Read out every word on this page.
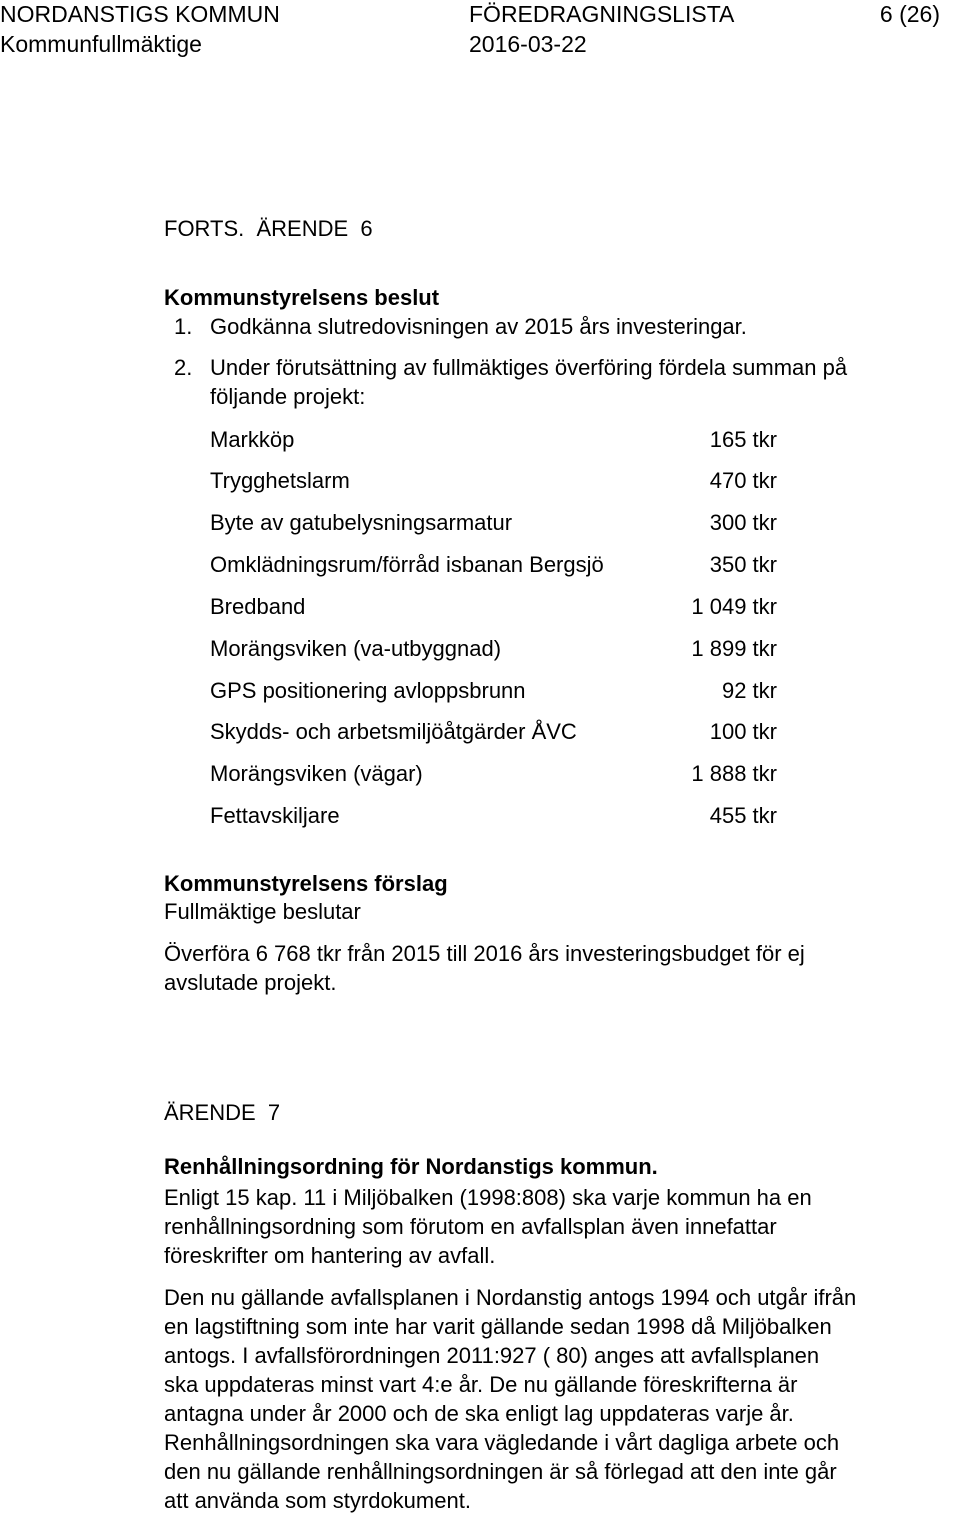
NORDANSTIGS KOMMUN	FÖREDRAGNINGSLISTA	6 (26)
Kommunfullmäktige	2016-03-22
FORTS.  ÄRENDE  6
Kommunstyrelsens beslut
1. Godkänna slutredovisningen av 2015 års investeringar.
2. Under förutsättning av fullmäktiges överföring fördela summan på
följande projekt:
Markköp	165 tkr
Trygghetslarm	470 tkr
Byte av gatubelysningsarmatur	300 tkr
Omklädningsrum/förråd isbanan Bergsjö	350 tkr
Bredband	1 049 tkr
Morängsviken (va-utbyggnad)	1 899 tkr
GPS positionering avloppsbrunn	92 tkr
Skydds- och arbetsmiljöåtgärder ÅVC	100 tkr
Morängsviken (vägar)	1 888 tkr
Fettavskiljare	455 tkr
Kommunstyrelsens förslag
Fullmäktige beslutar
Överföra 6 768 tkr från 2015 till 2016 års investeringsbudget för ej
avslutade projekt.
ÄRENDE  7
Renhållningsordning för Nordanstigs kommun.
Enligt 15 kap. 11 i Miljöbalken (1998:808) ska varje kommun ha en
renhållningsordning som förutom en avfallsplan även innefattar
föreskrifter om hantering av avfall.
Den nu gällande avfallsplanen i Nordanstig antogs 1994 och utgår ifrån
en lagstiftning som inte har varit gällande sedan 1998 då Miljöbalken
antogs. I avfallsförordningen 2011:927 ( 80) anges att avfallsplanen
ska uppdateras minst vart 4:e år. De nu gällande föreskrifterna är
antagna under år 2000 och de ska enligt lag uppdateras varje år.
Renhållningsordningen ska vara vägledande i vårt dagliga arbete och
den nu gällande renhållningsordningen är så förlegad att den inte går
att använda som styrdokument.
